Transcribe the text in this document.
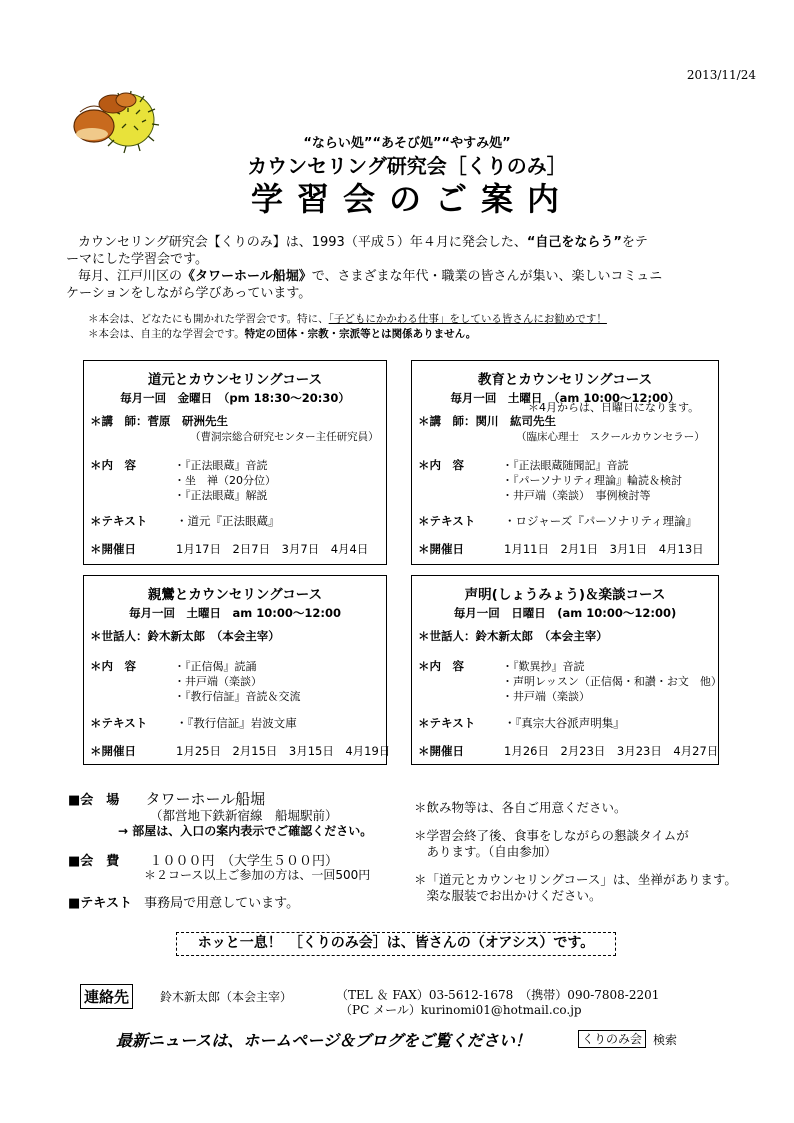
2013/11/24
“ならい処”“あそび処”“やすみ処”
カウンセリング研究会［くりのみ］
学習会のご案内
カウンセリング研究会【くりのみ】は、1993（平成５）年４月に発会した、“自己をならう”をテ
ーマにした学習会です。
毎月、江戸川区の《タワーホール船堀》で、さまざまな年代・職業の皆さんが集い、楽しいコミュニ
ケーションをしながら学びあっています。
＊本会は、どなたにも開かれた学習会です。特に、「子どもにかかわる仕事」をしている皆さんにお勧めです！
＊本会は、自主的な学習会です。特定の団体・宗教・宗派等とは関係ありません。
道元とカウンセリングコース
毎月一回　金曜日　（pm 18:30～20:30）
＊講　師： 菅原　研洲先生
（曹洞宗総合研究センター主任研究員）
＊内　容	・『正法眼蔵』音読
・坐　禅（20分位）
・『正法眼蔵』解説
＊テキスト	・道元『正法眼蔵』
＊開催日	1月17日　2日7日　3月7日　4月4日
教育とカウンセリングコース
毎月一回　土曜日　（am 10:00～12:00）
＊4月からは、日曜日になります。
＊講　師： 関川　紘司先生
（臨床心理士　スクールカウンセラー）
＊内　容	・『正法眼蔵随聞記』音読
・『パーソナリティ理論』輪読＆検討
・井戸端（楽談）　事例検討等
＊テキスト	・ロジャーズ『パーソナリティ理論』
＊開催日	1月11日　2月1日　3月1日　4月13日
親鸞とカウンセリングコース
毎月一回　土曜日　am 10:00～12:00
＊世話人： 鈴木新太郎　（本会主宰）
＊内　容	・『正信偈』読誦
・井戸端（楽談）
・『教行信証』音読＆交流
＊テキスト	・『教行信証』岩波文庫
＊開催日	1月25日　2月15日　3月15日　4月19日
声明(しょうみょう)＆楽談コース
毎月一回　日曜日　(am 10:00～12:00)
＊世話人： 鈴木新太郎　（本会主宰）
＊内　容	・『歎異抄』音読
・声明レッスン（正信偈・和讃・お文　他）
・井戸端（楽談）
＊テキスト	・『真宗大谷派声明集』
＊開催日	1月26日　2月23日　3月23日　4月27日
■会　場 タワーホール船堀
（都営地下鉄新宿線　船堀駅前）
→ 部屋は、入口の案内表示でご確認ください。
■会　費 １０００円　（大学生５００円）
＊２コース以上ご参加の方は、一回500円
■テキスト 事務局で用意しています。
＊飲み物等は、各自ご用意ください。
＊学習会終了後、食事をしながらの懇談タイムが
　あります。（自由参加）
＊「道元とカウンセリングコース」は、坐禅があります。
　楽な服装でお出かけください。
ホッと一息！　［くりのみ会］は、皆さんの（オアシス）です。
連絡先	鈴木新太郎（本会主宰）	（TEL ＆ FAX）03-5612-1678　（携帯）090-7808-2201
（PC メール）kurinomi01@hotmail.co.jp
最新ニュースは、ホームページ＆ブログをご覧ください！	くりのみ会 検索
